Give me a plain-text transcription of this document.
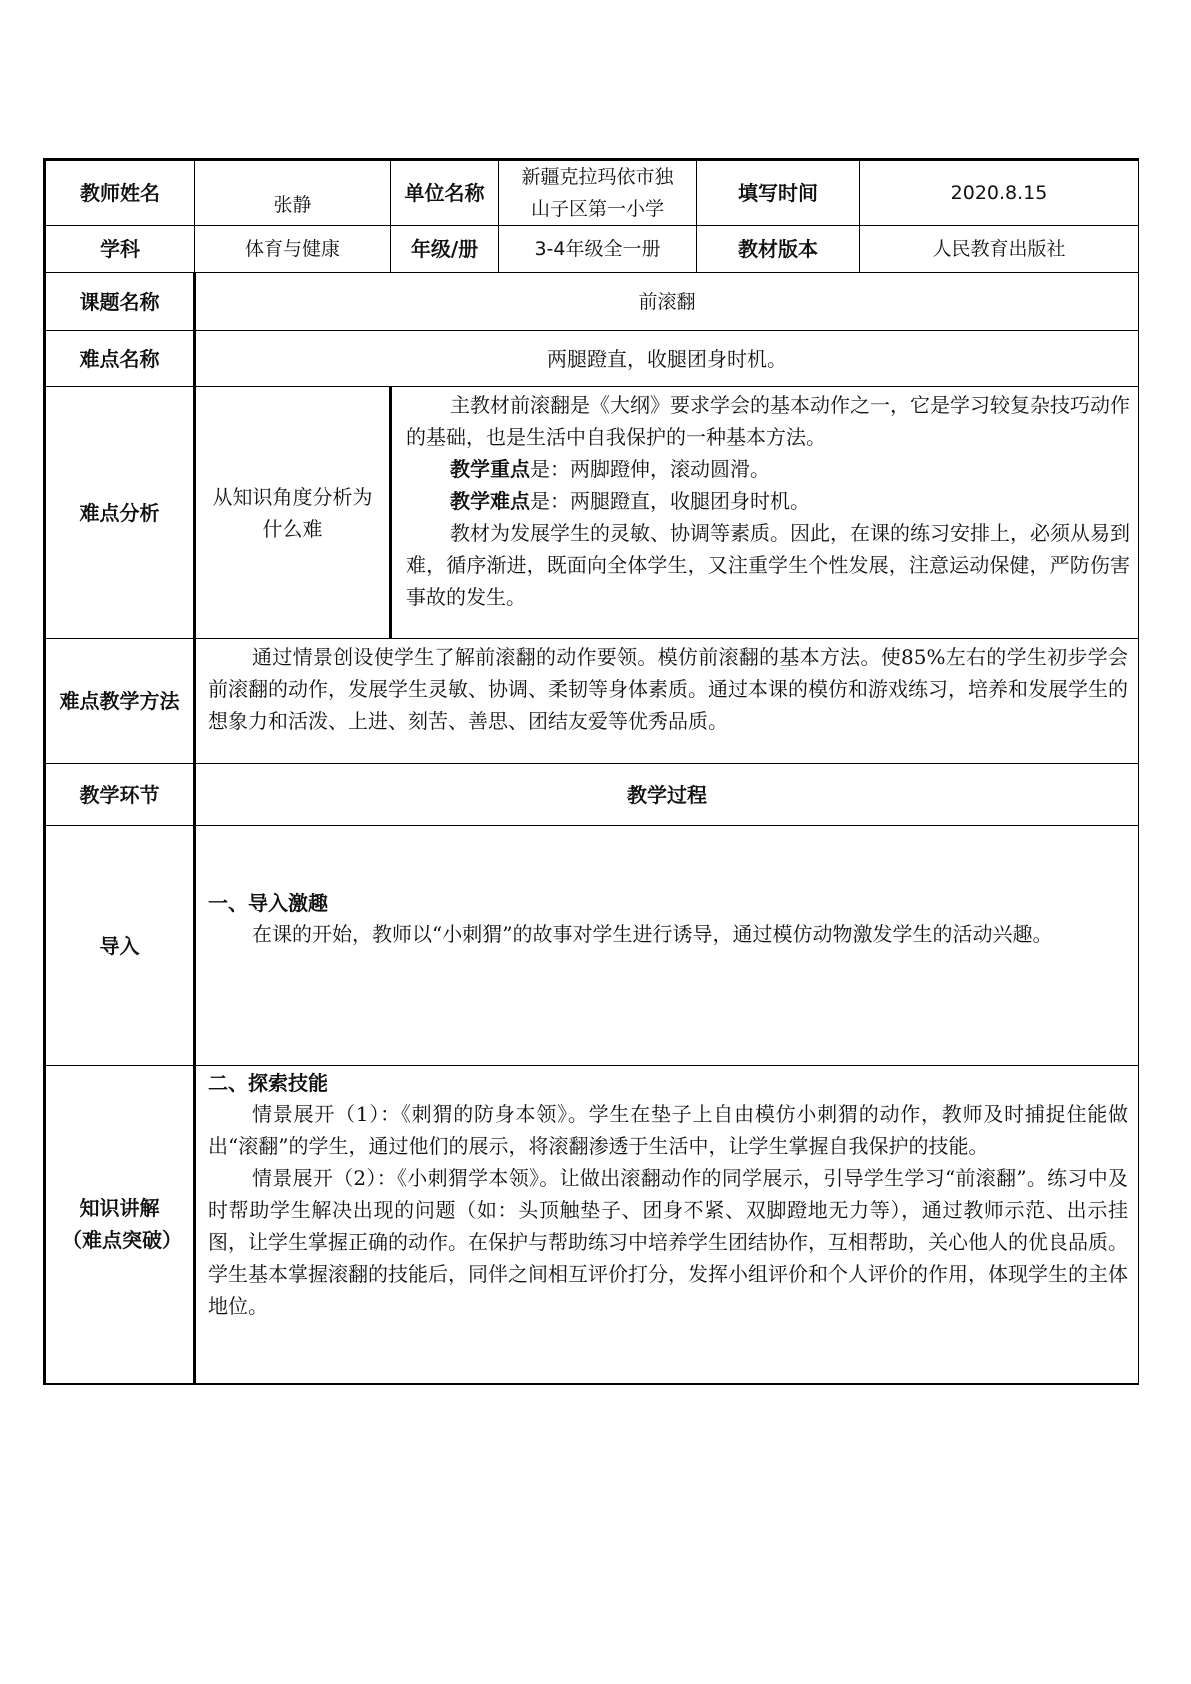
教师姓名	张静	单位名称	新疆克拉玛依市独山子区第一小学	填写时间	2020.8.15
学科	体育与健康	年级/册	3-4年级全一册	教材版本	人民教育出版社
课题名称	前滚翻				
难点名称	两腿蹬直，收腿团身时机。				
难点分析	从知识角度分析为什么难	主教材前滚翻是《大纲》要求学会的基本动作之一，它是学习较复杂技巧动作的基础，也是生活中自我保护的一种基本方法。

教学重点是：两脚蹬伸，滚动圆滑。

教学难点是：两腿蹬直，收腿团身时机。

教材为发展学生的灵敏、协调等素质。因此，在课的练习安排上，必须从易到难，循序渐进，既面向全体学生，又注重学生个性发展，注意运动保健，严防伤害事故的发生。			

难点教学方法	通过情景创设使学生了解前滚翻的动作要领。模仿前滚翻的基本方法。使85%左右的学生初步学会前滚翻的动作，发展学生灵敏、协调、柔韧等身体素质。通过本课的模仿和游戏练习，培养和发展学生的想象力和活泼、上进、刻苦、善思、团结友爱等优秀品质。				

教学环节	教学过程				
导入	一、导入激趣

在课的开始，教师以“小刺猬”的故事对学生进行诱导，通过模仿动物激发学生的活动兴趣。				

知识讲解（难点突破）	二、探索技能

情景展开（1）：《刺猬的防身本领》。学生在垫子上自由模仿小刺猬的动作，教师及时捕捉住能做出“滚翻”的学生，通过他们的展示，将滚翻渗透于生活中，让学生掌握自我保护的技能。

情景展开（2）：《小刺猬学本领》。让做出滚翻动作的同学展示，引导学生学习“前滚翻”。练习中及时帮助学生解决出现的问题（如：头顶触垫子、团身不紧、双脚蹬地无力等），通过教师示范、出示挂图，让学生掌握正确的动作。在保护与帮助练习中培养学生团结协作，互相帮助，关心他人的优良品质。学生基本掌握滚翻的技能后，同伴之间相互评价打分，发挥小组评价和个人评价的作用，体现学生的主体地位。				
